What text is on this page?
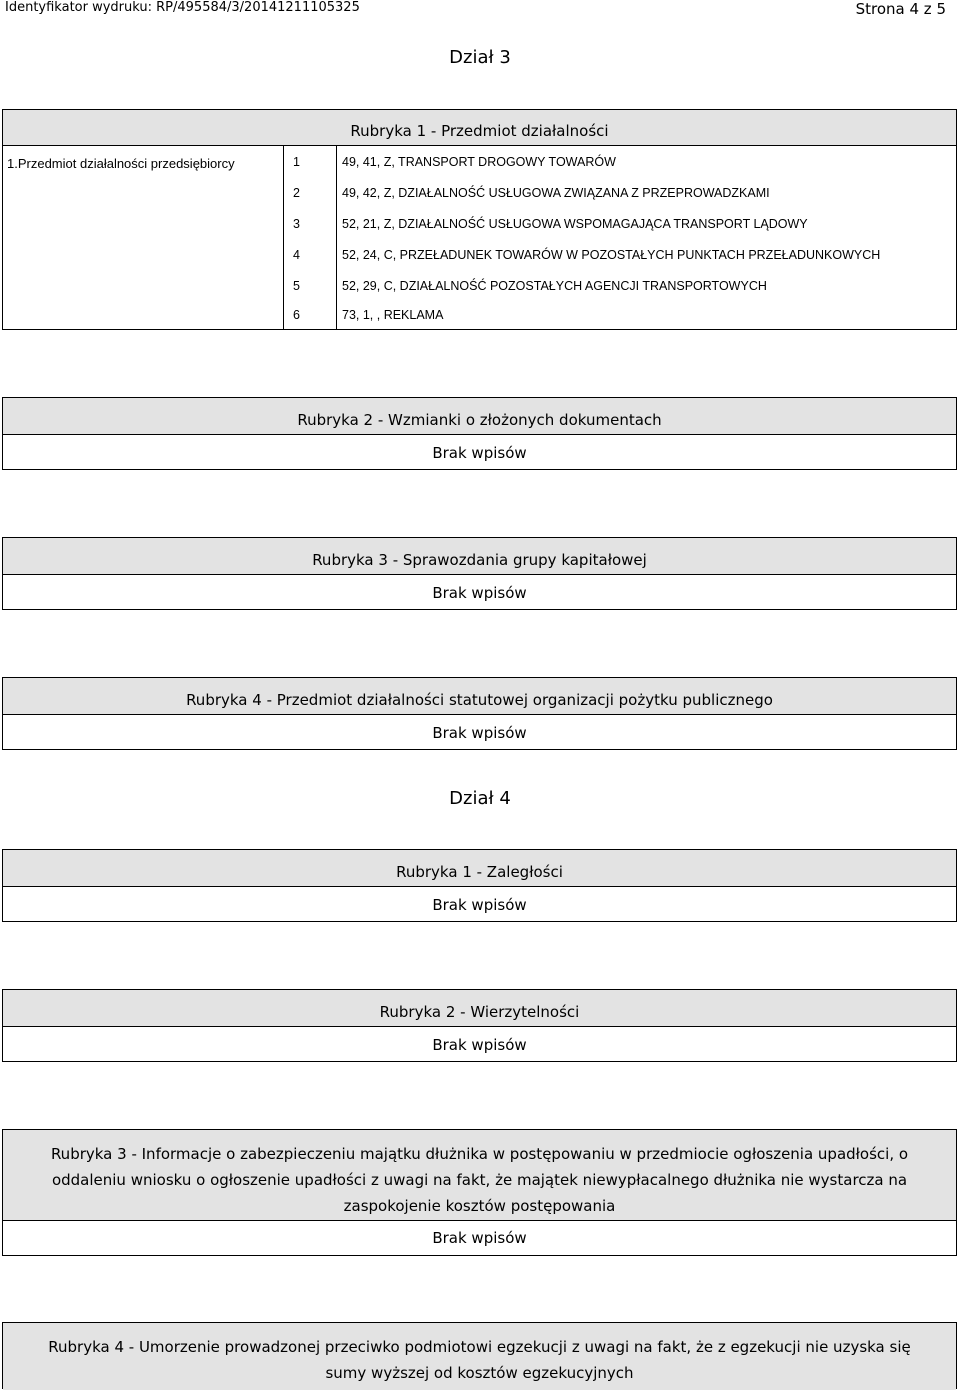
Identyfikator wydruku: RP/495584/3/20141211105325	Strona 4 z 5
Dział 3
Rubryka 1 - Przedmiot działalności
1.Przedmiot działalności przedsiębiorcy	1	49, 41, Z, TRANSPORT DROGOWY TOWARÓW
2	49, 42, Z, DZIAŁALNOŚĆ USŁUGOWA ZWIĄZANA Z PRZEPROWADZKAMI
3	52, 21, Z, DZIAŁALNOŚĆ USŁUGOWA WSPOMAGAJĄCA TRANSPORT LĄDOWY
4	52, 24, C, PRZEŁADUNEK TOWARÓW W POZOSTAŁYCH PUNKTACH PRZEŁADUNKOWYCH
5	52, 29, C, DZIAŁALNOŚĆ POZOSTAŁYCH AGENCJI TRANSPORTOWYCH
6	73, 1, , REKLAMA
Rubryka 2 - Wzmianki o złożonych dokumentach
Brak wpisów
Rubryka 3 - Sprawozdania grupy kapitałowej
Brak wpisów
Rubryka 4 - Przedmiot działalności statutowej organizacji pożytku publicznego
Brak wpisów
Dział 4
Rubryka 1 - Zaległości
Brak wpisów
Rubryka 2 - Wierzytelności
Brak wpisów
Rubryka 3 - Informacje o zabezpieczeniu majątku dłużnika w postępowaniu w przedmiocie ogłoszenia upadłości, o
oddaleniu wniosku o ogłoszenie upadłości z uwagi na fakt, że majątek niewypłacalnego dłużnika nie wystarcza na
zaspokojenie kosztów postępowania
Brak wpisów
Rubryka 4 - Umorzenie prowadzonej przeciwko podmiotowi egzekucji z uwagi na fakt, że z egzekucji nie uzyska się
sumy wyższej od kosztów egzekucyjnych
